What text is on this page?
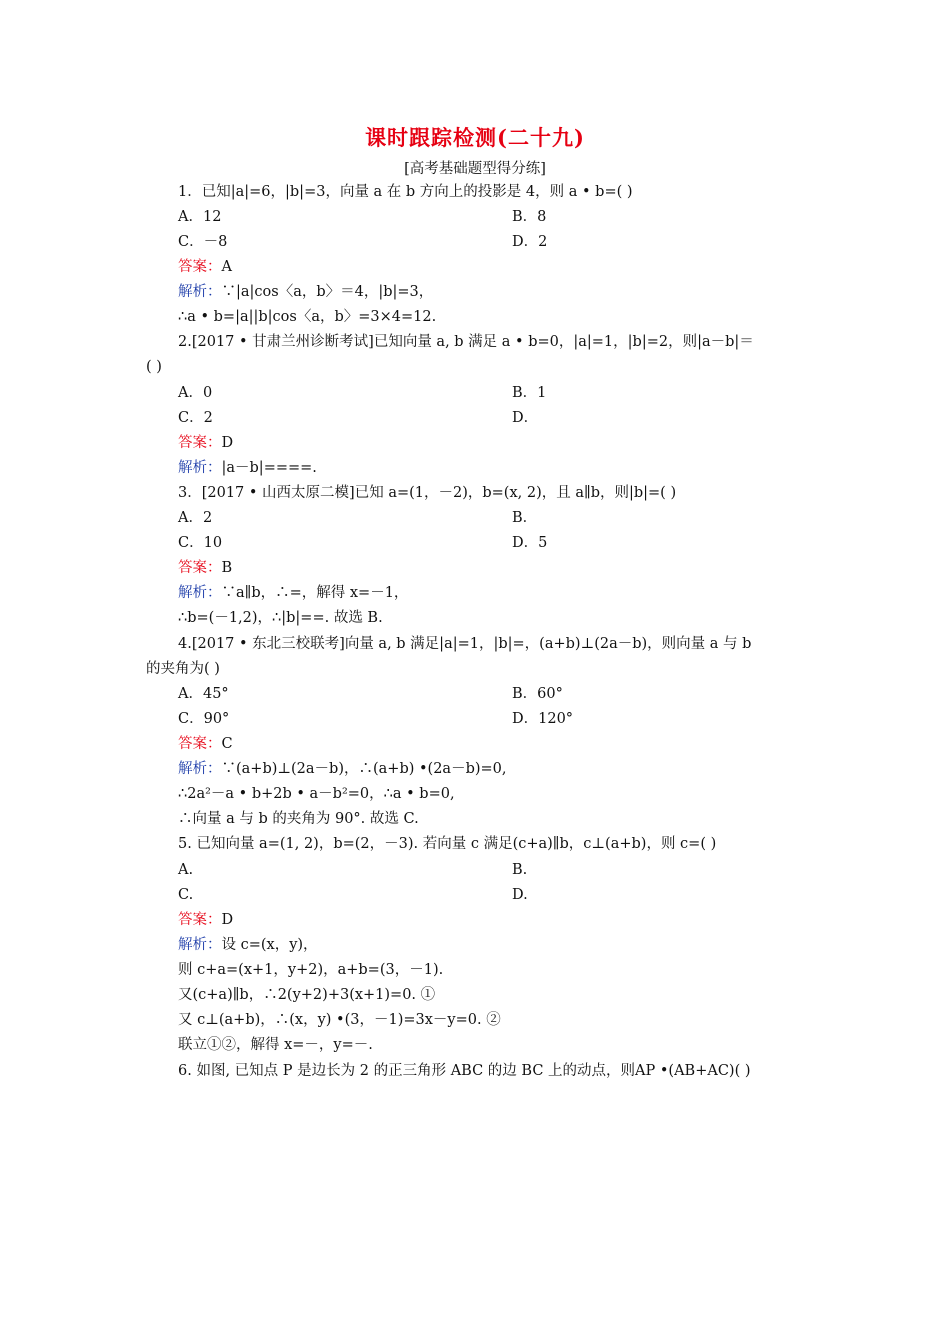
课时跟踪检测(二十九)
[高考基础题型得分练]
1．已知|a|=6，|b|=3，向量 a 在 b 方向上的投影是 4，则 a • b=( )
A．12	B．8
C．－8	D．2
答案：A
解析：∵|a|cos〈a，b〉＝4，|b|=3，
∴a • b=|a||b|cos〈a，b〉=3×4=12.
2.[2017 • 甘肃兰州诊断考试]已知向量 a, b 满足 a • b=0，|a|=1，|b|=2，则|a－b|＝
( )
A．0	B．1
C．2	D．
答案：D
解析：|a－b|====.
3．[2017 • 山西太原二模]已知 a=(1，－2)，b=(x, 2)，且 a∥b，则|b|=( )
A．2	B．
C．10	D．5
答案：B
解析：∵a∥b，∴=，解得 x=－1，
∴b=(－1,2)，∴|b|==. 故选 B.
4.[2017 • 东北三校联考]向量 a, b 满足|a|=1，|b|=，(a+b)⊥(2a－b)，则向量 a 与 b
的夹角为( )
A．45°	B．60°
C．90°	D．120°
答案：C
解析：∵(a+b)⊥(2a－b)，∴(a+b) •(2a－b)=0,
∴2a²－a • b+2b • a－b²=0，∴a • b=0,
∴向量 a 与 b 的夹角为 90°. 故选 C.
5. 已知向量 a=(1, 2)，b=(2，－3). 若向量 c 满足(c+a)∥b，c⊥(a+b)，则 c=( )
A.	B.
C.	D.
答案：D
解析：设 c=(x，y)，
则 c+a=(x+1，y+2)，a+b=(3，－1).
又(c+a)∥b，∴2(y+2)+3(x+1)=0. ①
又 c⊥(a+b)，∴(x，y) •(3，－1)=3x－y=0. ②
联立①②，解得 x=－，y=－.
6. 如图, 已知点 P 是边长为 2 的正三角形 ABC 的边 BC 上的动点，则AP •(AB+AC)( )
